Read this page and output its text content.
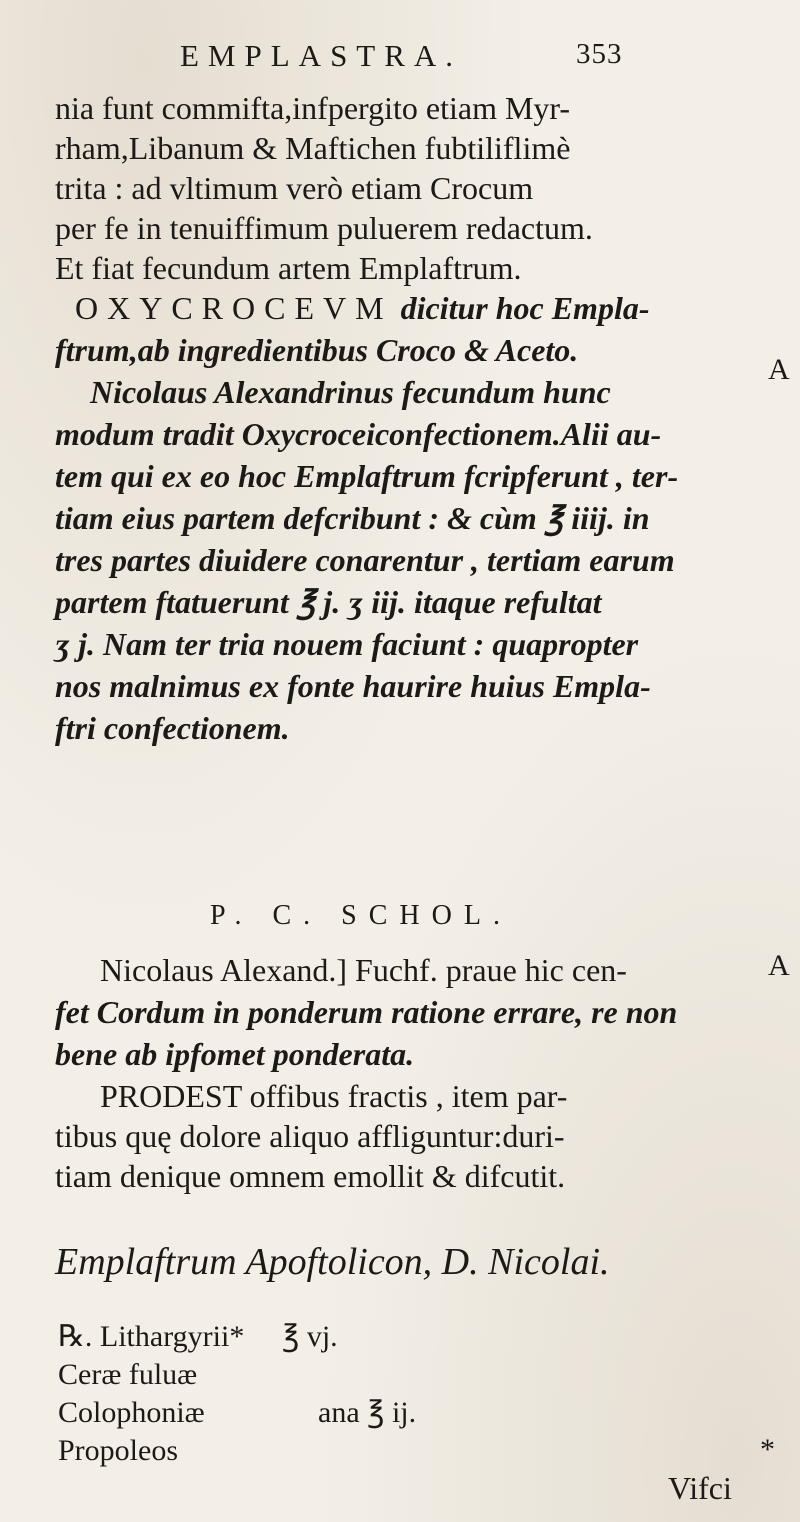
EMPLASTRA.	353
nia funt commifta,infpergito etiam Myr-
rham,Libanum & Maftichen fubtiliflimè
trita : ad vltimum verò etiam Crocum
per fe in tenuiffimum puluerem redactum.
Et fiat fecundum artem Emplaftrum.
OXYCROCEVM dicitur hoc Empla-
ftrum,ab ingredientibus Croco & Aceto.
Nicolaus Alexandrinus fecundum hunc
modum tradit Oxycroceiconfectionem.Alii au-
tem qui ex eo hoc Emplaftrum fcripferunt , ter-
tiam eius partem defcribunt : & cùm ℥ iiij. in
tres partes diuidere conarentur , tertiam earum
partem ftatuerunt ℥ j. ʒ iij. itaque refultat
ʒ j. Nam ter tria nouem faciunt : quapropter
nos malnimus ex fonte haurire huius Empla-
ftri confectionem.
A
P. C. SCHOL.
Nicolaus Alexand.] Fuchf. praue hic cen-
fet Cordum in ponderum ratione errare, re non
bene ab ipfomet ponderata.
PRODEST offibus fractis , item par-
tibus quę dolore aliquo affliguntur:duri-
tiam denique omnem emollit & difcutit.
A
Emplaftrum Apoftolicon, D. Nicolai.
℞. Lithargyrii* ℥ vj.
Ceræ fuluæ
Colophoniæ	ana ℥ ij.
Propoleos	*
Vifci
